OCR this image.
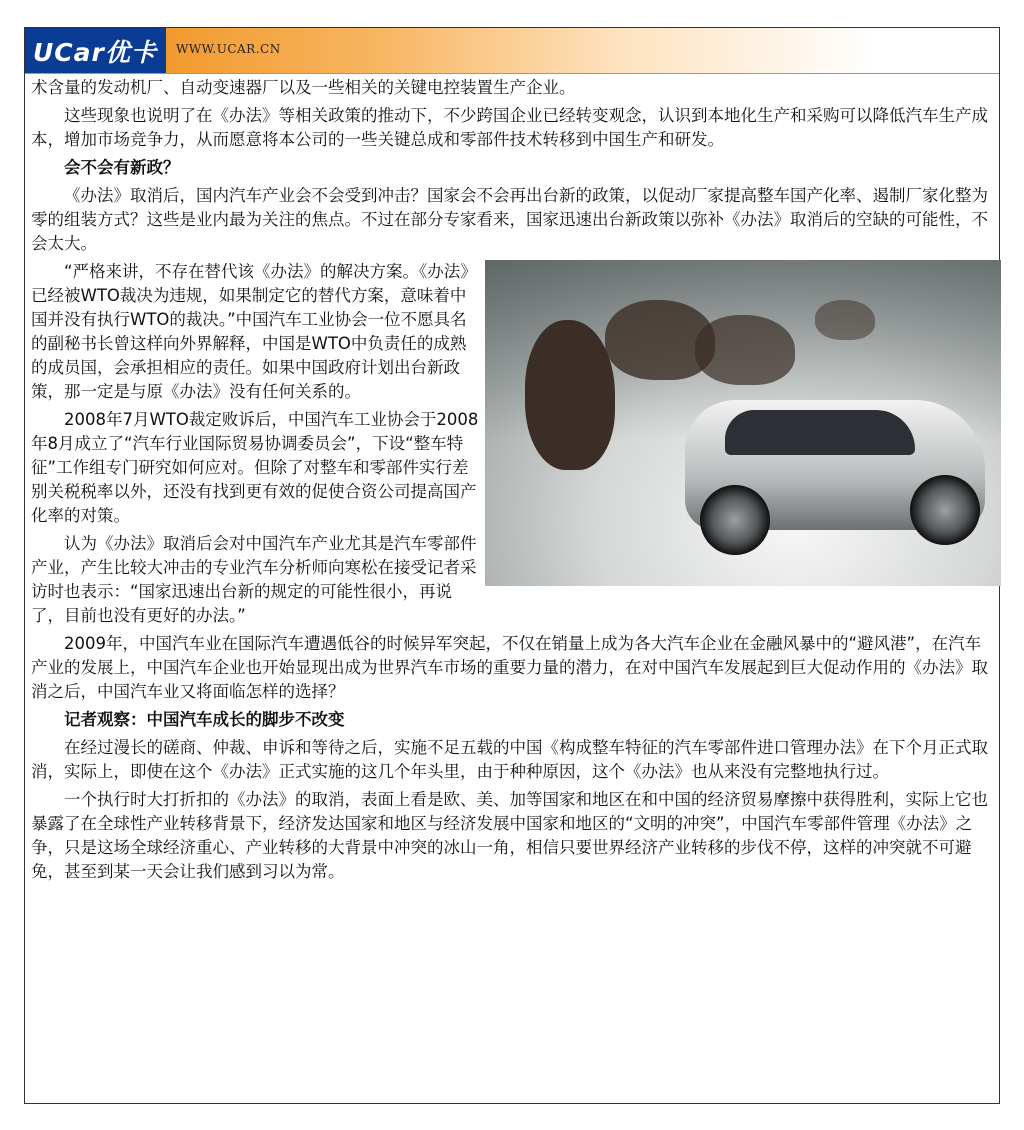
UCar优卡 WWW.UCAR.CN

术含量的发动机厂、自动变速器厂以及一些相关的关键电控装置生产企业。

这些现象也说明了在《办法》等相关政策的推动下，不少跨国企业已经转变观念，认识到本地化生产和采购可以降低汽车生产成本，增加市场竞争力，从而愿意将本公司的一些关键总成和零部件技术转移到中国生产和研发。

会不会有新政？

《办法》取消后，国内汽车产业会不会受到冲击？国家会不会再出台新的政策，以促动厂家提高整车国产化率、遏制厂家化整为零的组装方式？这些是业内最为关注的焦点。不过在部分专家看来，国家迅速出台新政策以弥补《办法》取消后的空缺的可能性，不会太大。

“严格来讲，不存在替代该《办法》的解决方案。《办法》已经被WTO裁决为违规，如果制定它的替代方案，意味着中国并没有执行WTO的裁决。”中国汽车工业协会一位不愿具名的副秘书长曾这样向外界解释，中国是WTO中负责任的成熟的成员国，会承担相应的责任。如果中国政府计划出台新政策，那一定是与原《办法》没有任何关系的。

2008年7月WTO裁定败诉后，中国汽车工业协会于2008年8月成立了“汽车行业国际贸易协调委员会”，下设“整车特征”工作组专门研究如何应对。但除了对整车和零部件实行差别关税税率以外，还没有找到更有效的促使合资公司提高国产化率的对策。

认为《办法》取消后会对中国汽车产业尤其是汽车零部件产业，产生比较大冲击的专业汽车分析师向寒松在接受记者采访时也表示：“国家迅速出台新的规定的可能性很小，再说了，目前也没有更好的办法。”

2009年，中国汽车业在国际汽车遭遇低谷的时候异军突起，不仅在销量上成为各大汽车企业在金融风暴中的“避风港”，在汽车产业的发展上，中国汽车企业也开始显现出成为世界汽车市场的重要力量的潜力，在对中国汽车发展起到巨大促动作用的《办法》取消之后，中国汽车业又将面临怎样的选择？

记者观察：中国汽车成长的脚步不改变

在经过漫长的磋商、仲裁、申诉和等待之后，实施不足五载的中国《构成整车特征的汽车零部件进口管理办法》在下个月正式取消，实际上，即使在这个《办法》正式实施的这几个年头里，由于种种原因，这个《办法》也从来没有完整地执行过。

一个执行时大打折扣的《办法》的取消，表面上看是欧、美、加等国家和地区在和中国的经济贸易摩擦中获得胜利，实际上它也暴露了在全球性产业转移背景下，经济发达国家和地区与经济发展中国家和地区的“文明的冲突”，中国汽车零部件管理《办法》之争，只是这场全球经济重心、产业转移的大背景中冲突的冰山一角，相信只要世界经济产业转移的步伐不停，这样的冲突就不可避免，甚至到某一天会让我们感到习以为常。
